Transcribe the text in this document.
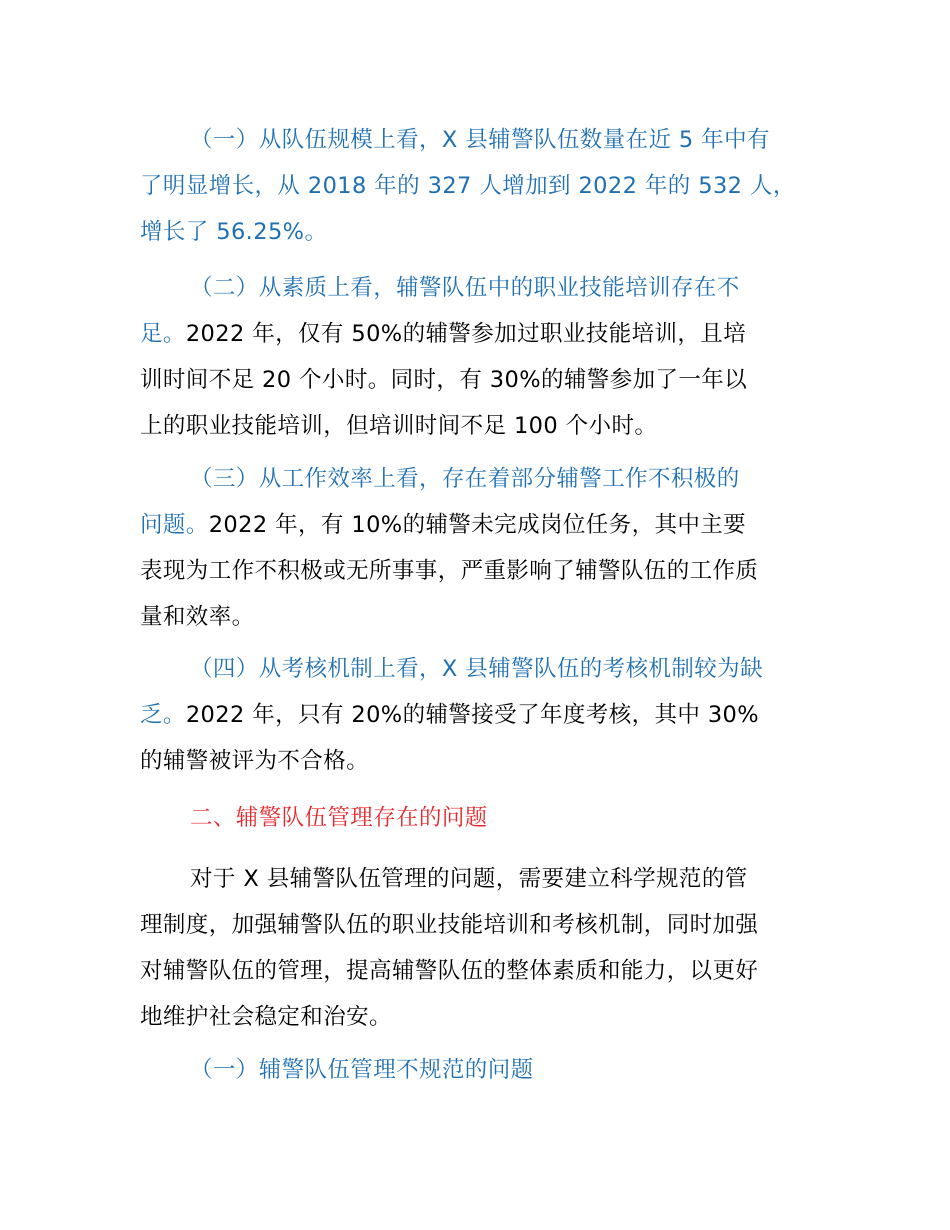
（一）从队伍规模上看，X 县辅警队伍数量在近 5 年中有
了明显增长，从 2018 年的 327 人增加到 2022 年的 532 人，
增长了 56.25%。

（二）从素质上看，辅警队伍中的职业技能培训存在不
足。2022 年，仅有 50%的辅警参加过职业技能培训，且培
训时间不足 20 个小时。同时，有 30%的辅警参加了一年以
上的职业技能培训，但培训时间不足 100 个小时。

（三）从工作效率上看，存在着部分辅警工作不积极的
问题。2022 年，有 10%的辅警未完成岗位任务，其中主要
表现为工作不积极或无所事事，严重影响了辅警队伍的工作质
量和效率。

（四）从考核机制上看，X 县辅警队伍的考核机制较为缺
乏。2022 年，只有 20%的辅警接受了年度考核，其中 30%
的辅警被评为不合格。

二、辅警队伍管理存在的问题

对于 X 县辅警队伍管理的问题，需要建立科学规范的管
理制度，加强辅警队伍的职业技能培训和考核机制，同时加强
对辅警队伍的管理，提高辅警队伍的整体素质和能力，以更好
地维护社会稳定和治安。

（一）辅警队伍管理不规范的问题
